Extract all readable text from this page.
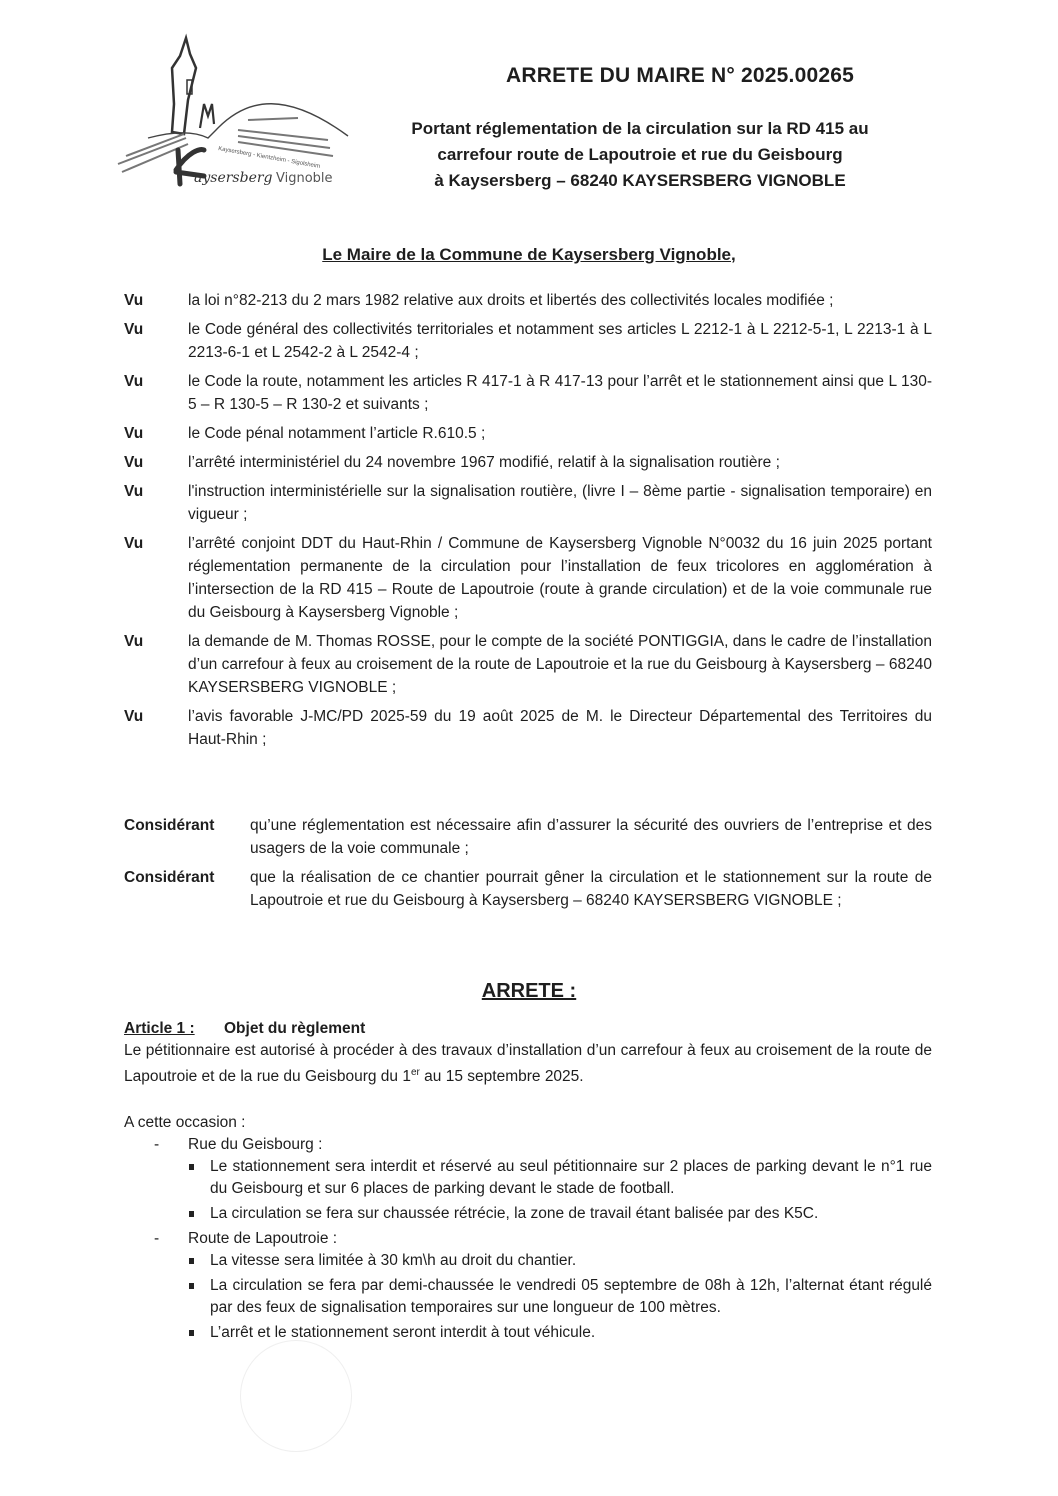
Kaysersberg - Kientzheim - Sigolsheim
aysersberg Vignoble
ARRETE DU MAIRE N° 2025.00265
Portant réglementation de la circulation sur la RD 415 au
carrefour route de Lapoutroie et rue du Geisbourg
à Kaysersberg – 68240 KAYSERSBERG VIGNOBLE
Le Maire de la Commune de Kaysersberg Vignoble,
Vu	la loi n°82-213 du 2 mars 1982 relative aux droits et libertés des collectivités locales modifiée ;
Vu	le Code général des collectivités territoriales et notamment ses articles L 2212-1 à L 2212-5-1, L 2213-1 à L 2213-6-1 et L 2542-2 à L 2542-4 ;
Vu	le Code la route, notamment les articles R 417-1 à R 417-13 pour l’arrêt et le stationnement ainsi que L 130-5 – R 130-5 – R 130-2 et suivants ;
Vu	le Code pénal notamment l’article R.610.5 ;
Vu	l’arrêté interministériel du 24 novembre 1967 modifié, relatif à la signalisation routière ;
Vu	l'instruction interministérielle sur la signalisation routière, (livre I – 8ème partie - signalisation temporaire) en vigueur ;
Vu	l’arrêté conjoint DDT du Haut-Rhin / Commune de Kaysersberg Vignoble N°0032 du 16 juin 2025 portant réglementation permanente de la circulation pour l’installation de feux tricolores en agglomération à l’intersection de la RD 415 – Route de Lapoutroie (route à grande circulation) et de la voie communale rue du Geisbourg à Kaysersberg Vignoble ;
Vu	la demande de M. Thomas ROSSE, pour le compte de la société PONTIGGIA, dans le cadre de l’installation d’un carrefour à feux au croisement de la route de Lapoutroie et la rue du Geisbourg à Kaysersberg – 68240 KAYSERSBERG VIGNOBLE ;
Vu	l’avis favorable J-MC/PD 2025-59 du 19 août 2025 de M. le Directeur Départemental des Territoires du Haut-Rhin ;
Considérant	qu’une réglementation est nécessaire afin d’assurer la sécurité des ouvriers de l’entreprise et des usagers de la voie communale ;
Considérant	que la réalisation de ce chantier pourrait gêner la circulation et le stationnement sur la route de Lapoutroie et rue du Geisbourg à Kaysersberg – 68240 KAYSERSBERG VIGNOBLE ;
ARRETE :
Article 1 :	Objet du règlement
Le pétitionnaire est autorisé à procéder à des travaux d’installation d’un carrefour à feux au croisement de la route de Lapoutroie et de la rue du Geisbourg du 1er au 15 septembre 2025.
A cette occasion :
-	Rue du Geisbourg :
Le stationnement sera interdit et réservé au seul pétitionnaire sur 2 places de parking devant le n°1 rue du Geisbourg et sur 6 places de parking devant le stade de football.
La circulation se fera sur chaussée rétrécie, la zone de travail étant balisée par des K5C.
-	Route de Lapoutroie :
La vitesse sera limitée à 30 km\h au droit du chantier.
La circulation se fera par demi-chaussée le vendredi 05 septembre de 08h à 12h, l’alternat étant régulé par des feux de signalisation temporaires sur une longueur de 100 mètres.
L’arrêt et le stationnement seront interdit à tout véhicule.
